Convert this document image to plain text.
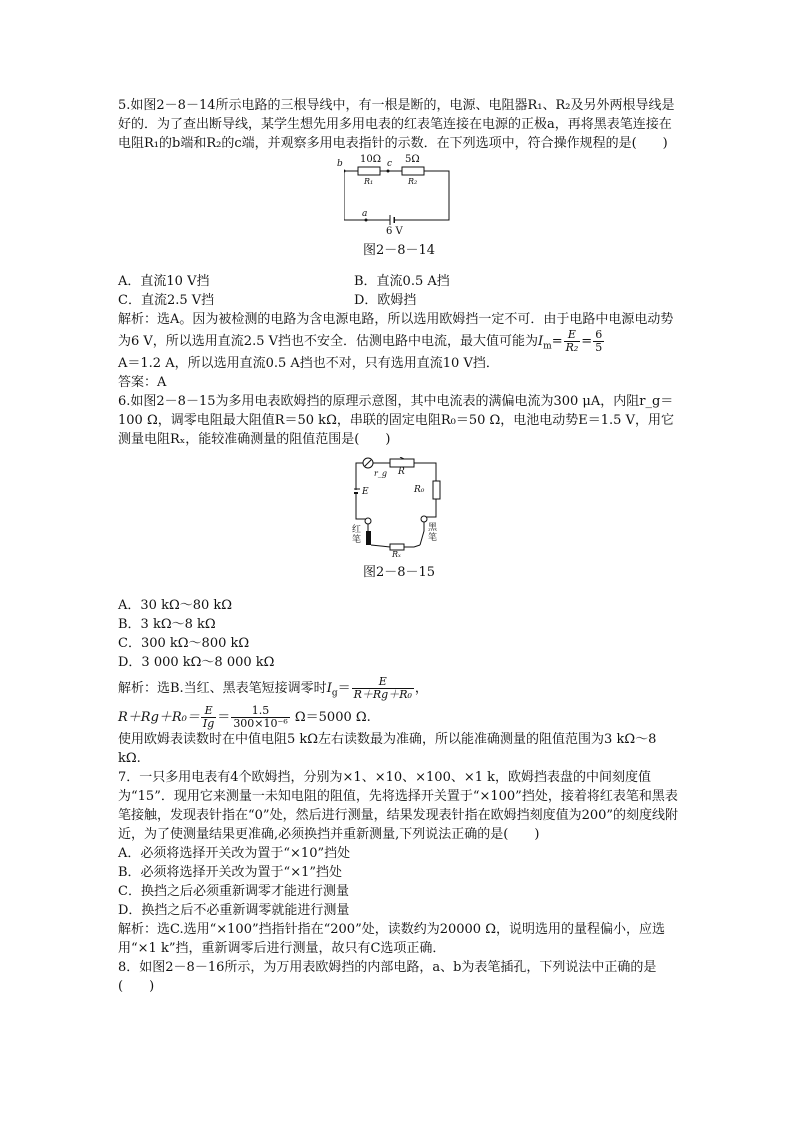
5.如图2－8－14所示电路的三根导线中，有一根是断的，电源、电阻器R₁、R₂及另外两根导线是好的．为了查出断导线，某学生想先用多用电表的红表笔连接在电源的正极a，再将黑表笔连接在电阻R₁的b端和R₂的c端，并观察多用电表指针的示数．在下列选项中，符合操作规程的是(　　)

b 10Ω c 5Ω
R₁	R₂
a
6 V

图2－8－14

A．直流10 V挡	B．直流0.5 A挡
C．直流2.5 V挡	D．欧姆挡

解析：选A。因为被检测的电路为含电源电路，所以选用欧姆挡一定不可．由于电路中电源电动势为6 V，所以选用直流2.5 V挡也不安全．估测电路中电流，最大值可能为$I_m= \frac{E}{\text{R₂}} = \frac{6}{5}$

A＝1.2 A，所以选用直流0.5 A挡也不对，只有选用直流10 V挡．

答案：A

6.如图2－8－15为多用电表欧姆挡的原理示意图，其中电流表的满偏电流为300 μA，内阻r_g＝100 Ω，调零电阻最大阻值R＝50 kΩ，串联的固定电阻R₀＝50 Ω，电池电动势E＝1.5 V，用它测量电阻Rₓ，能较准确测量的阻值范围是(　　)

r_g R
R₀
E
红
笔
黑
笔
Rₓ

图2－8－15

A．30 kΩ～80 kΩ

B．3 kΩ～8 kΩ

C．300 kΩ～800 kΩ

D．3 000 kΩ～8 000 kΩ

解析：选B.当红、黑表笔短接调零时$I_g= \frac{E}{\text{R＋Rg＋R₀}}$ ，

$R+Rg+R_0= \frac{E}{Ig} = \frac{1.5}{\text{300×10⁻⁶}} \Omega=5000$ Ω.

使用欧姆表读数时在中值电阻5 kΩ左右读数最为准确，所以能准确测量的阻值范围为3 kΩ～8 kΩ.

7．一只多用电表有4个欧姆挡，分别为×1、×10、×100、×1 k，欧姆挡表盘的中间刻度值为“15”．现用它来测量一未知电阻的阻值，先将选择开关置于“×100”挡处，接着将红表笔和黑表笔接触，发现表针指在“0”处，然后进行测量，结果发现表针指在欧姆挡刻度值为200”的刻度线附近，为了使测量结果更准确,必须换挡并重新测量,下列说法正确的是(　　)

A．必须将选择开关改为置于“×10”挡处

B．必须将选择开关改为置于“×1”挡处

C．换挡之后必须重新调零才能进行测量

D．换挡之后不必重新调零就能进行测量

解析：选C.选用“×100”挡指针指在“200”处，读数约为20000 Ω，说明选用的量程偏小，应选用“×1 k”挡，重新调零后进行测量，故只有C选项正确．

8．如图2－8－16所示，为万用表欧姆挡的内部电路，a、b为表笔插孔，下列说法中正确的是(　　)
